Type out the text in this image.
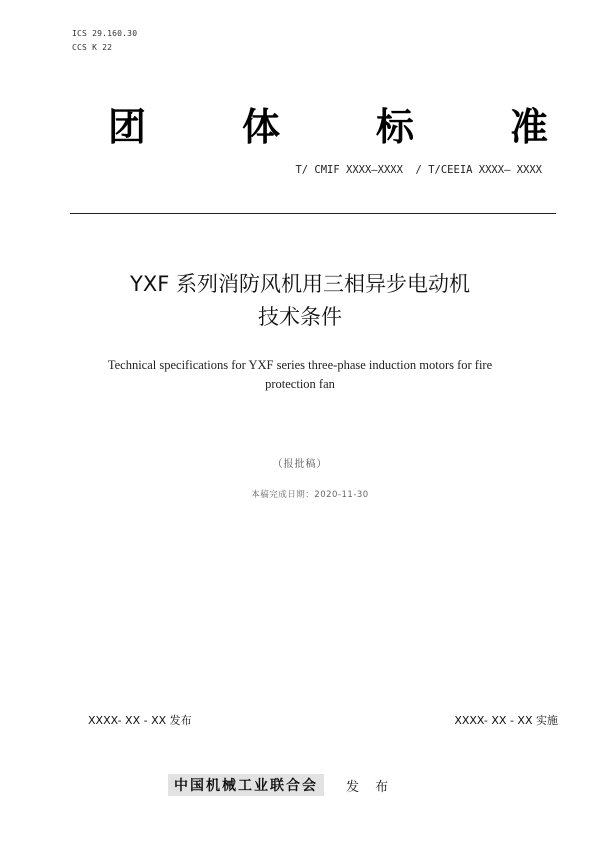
ICS 29.160.30
CCS K 22
团	体	标	准
T/ CMIF XXXX—XXXX  / T/CEEIA XXXX— XXXX
YXF 系列消防风机用三相异步电动机
技术条件
Technical specifications for YXF series three-phase induction motors for fire
protection fan
（报批稿）
本稿完成日期：2020-11-30
XXXX- XX - XX 发布	XXXX- XX - XX 实施
中国机械工业联合会	发 布
